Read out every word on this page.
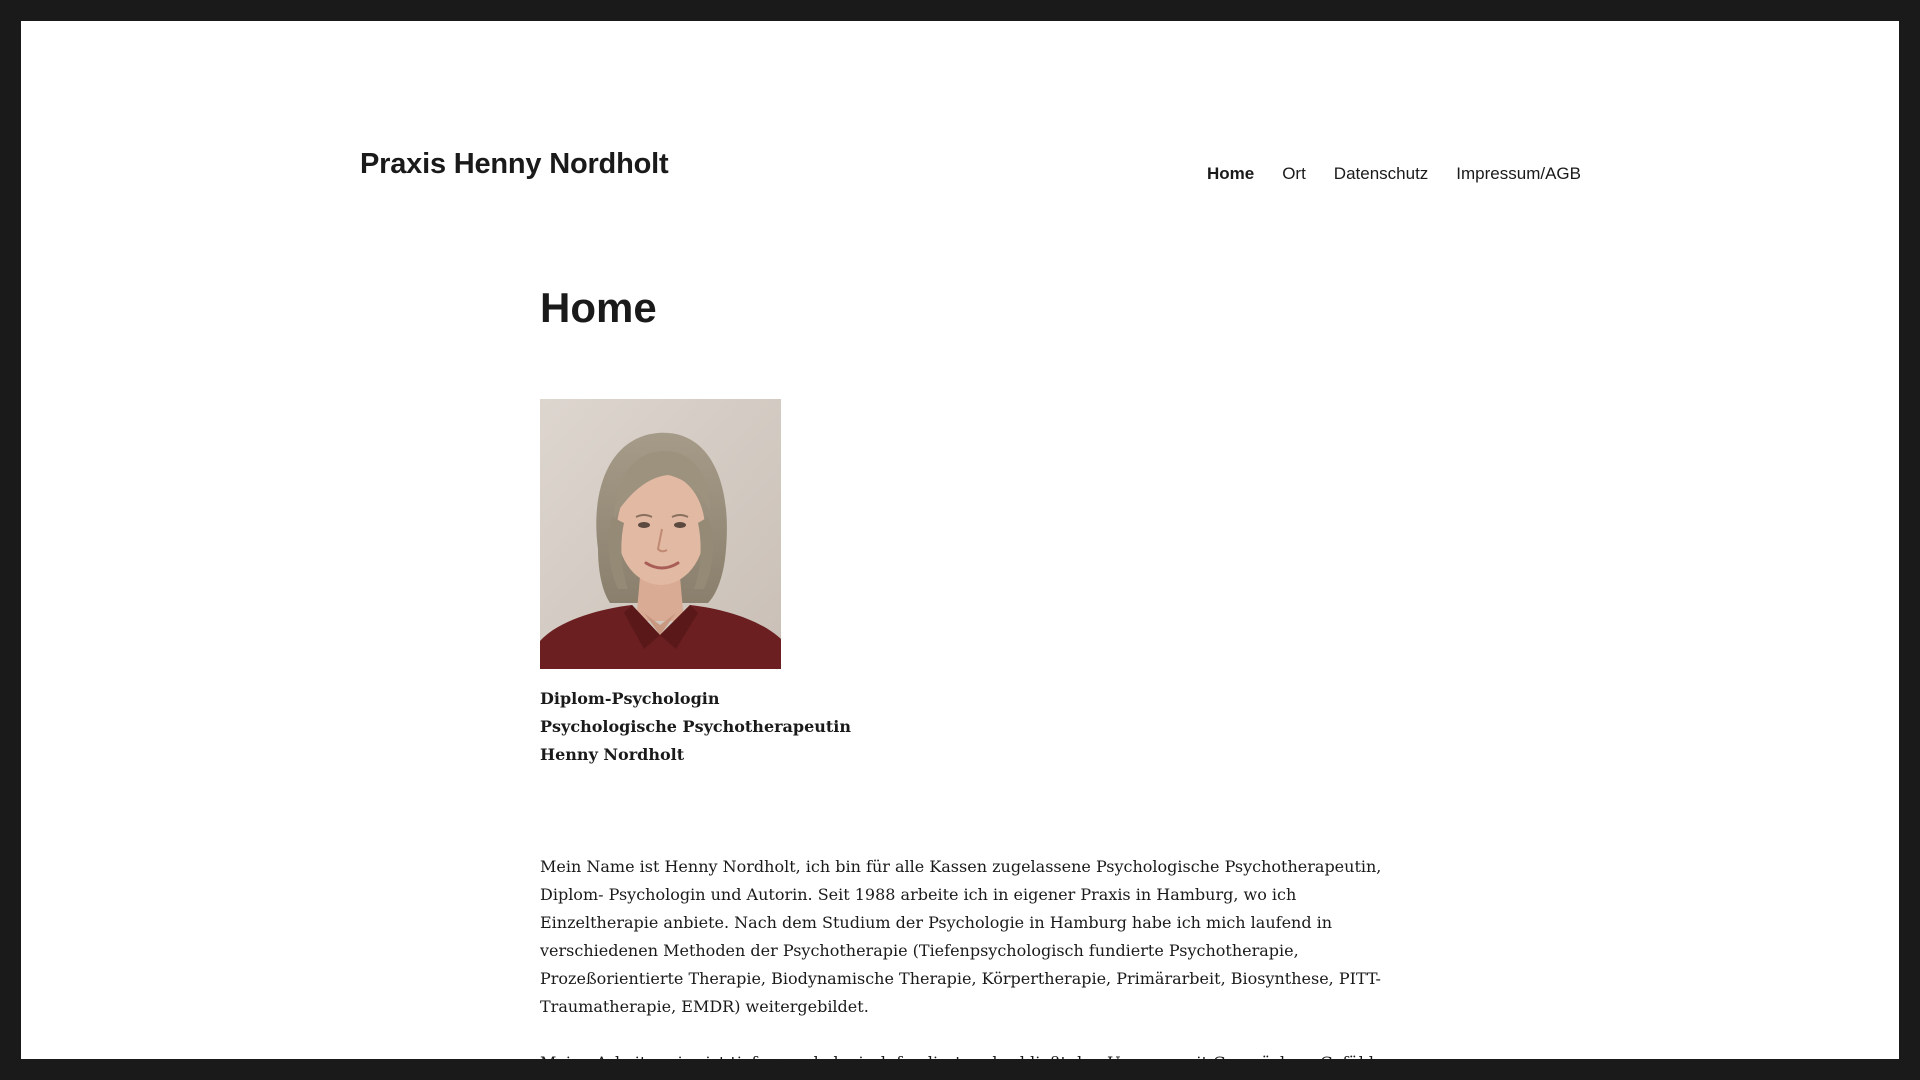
Praxis Henny Nordholt	Home	Ort	Datenschutz	Impressum/AGB
Home
Diplom-Psychologin
Psychologische Psychotherapeutin
Henny Nordholt

Mein Name ist Henny Nordholt, ich bin für alle Kassen zugelassene Psychologische Psychotherapeutin, Diplom- Psychologin und Autorin. Seit 1988 arbeite ich in eigener Praxis in Hamburg, wo ich Einzeltherapie anbiete. Nach dem Studium der Psychologie in Hamburg habe ich mich laufend in verschiedenen Methoden der Psychotherapie (Tiefenpsychologisch fundierte Psychotherapie, Prozeßorientierte Therapie, Biodynamische Therapie, Körpertherapie, Primärarbeit, Biosynthese, PITT-Traumatherapie, EMDR) weitergebildet.

Meine Arbeitsweise ist tiefenpsychologisch fundiert und schließt den Umgang mit Gesprächen, Gefühlen,
